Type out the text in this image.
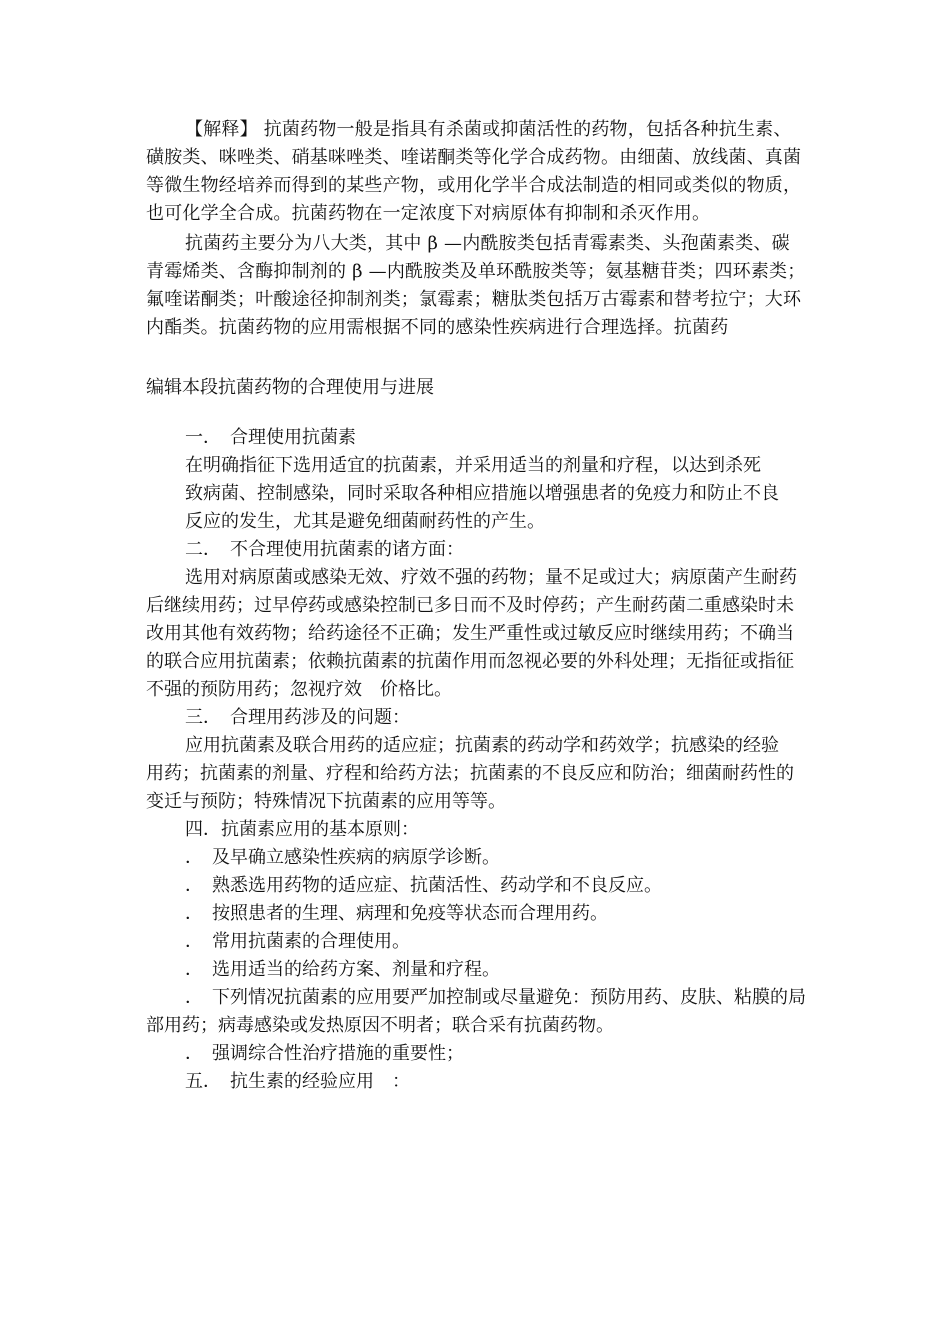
【解释】 抗菌药物一般是指具有杀菌或抑菌活性的药物，包括各种抗生素、磺胺类、咪唑类、硝基咪唑类、喹诺酮类等化学合成药物。由细菌、放线菌、真菌等微生物经培养而得到的某些产物，或用化学半合成法制造的相同或类似的物质，也可化学全合成。抗菌药物在一定浓度下对病原体有抑制和杀灭作用。

抗菌药主要分为八大类，其中 β —内酰胺类包括青霉素类、头孢菌素类、碳青霉烯类、含酶抑制剂的 β —内酰胺类及单环酰胺类等；氨基糖苷类；四环素类；氟喹诺酮类；叶酸途径抑制剂类；氯霉素；糖肽类包括万古霉素和替考拉宁；大环内酯类。抗菌药物的应用需根据不同的感染性疾病进行合理选择。抗菌药

编辑本段抗菌药物的合理使用与进展

一．　合理使用抗菌素

在明确指征下选用适宜的抗菌素，并采用适当的剂量和疗程，以达到杀死

致病菌、控制感染，同时采取各种相应措施以增强患者的免疫力和防止不良

反应的发生，尤其是避免细菌耐药性的产生。

二．　不合理使用抗菌素的诸方面：

选用对病原菌或感染无效、疗效不强的药物；量不足或过大；病原菌产生耐药后继续用药；过早停药或感染控制已多日而不及时停药；产生耐药菌二重感染时未改用其他有效药物；给药途径不正确；发生严重性或过敏反应时继续用药；不确当的联合应用抗菌素；依赖抗菌素的抗菌作用而忽视必要的外科处理；无指征或指征不强的预防用药；忽视疗效　价格比。

三．　合理用药涉及的问题：

应用抗菌素及联合用药的适应症；抗菌素的药动学和药效学；抗感染的经验　用药；抗菌素的剂量、疗程和给药方法；抗菌素的不良反应和防治；细菌耐药性的变迁与预防；特殊情况下抗菌素的应用等等。

四．抗菌素应用的基本原则：

．　及早确立感染性疾病的病原学诊断。

．　熟悉选用药物的适应症、抗菌活性、药动学和不良反应。

．　按照患者的生理、病理和免疫等状态而合理用药。

．　常用抗菌素的合理使用。

．　选用适当的给药方案、剂量和疗程。

．　下列情况抗菌素的应用要严加控制或尽量避免：预防用药、皮肤、粘膜的局部用药；病毒感染或发热原因不明者；联合采有抗菌药物。

．　强调综合性治疗措施的重要性；

五．　抗生素的经验应用　：
